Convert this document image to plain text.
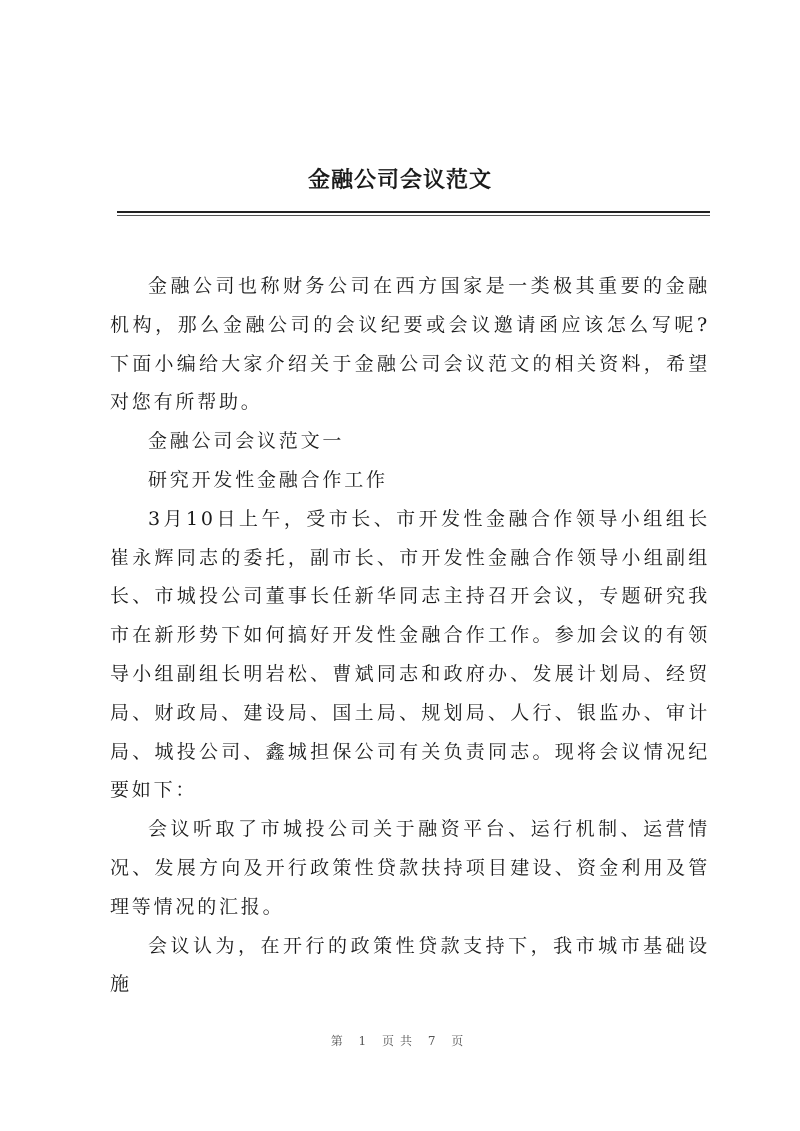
金融公司会议范文

金融公司也称财务公司在西方国家是一类极其重要的金融机构，那么金融公司的会议纪要或会议邀请函应该怎么写呢?下面小编给大家介绍关于金融公司会议范文的相关资料，希望对您有所帮助。

金融公司会议范文一

研究开发性金融合作工作

3月10日上午，受市长、市开发性金融合作领导小组组长崔永辉同志的委托，副市长、市开发性金融合作领导小组副组长、市城投公司董事长任新华同志主持召开会议，专题研究我市在新形势下如何搞好开发性金融合作工作。参加会议的有领导小组副组长明岩松、曹斌同志和政府办、发展计划局、经贸局、财政局、建设局、国土局、规划局、人行、银监办、审计局、城投公司、鑫城担保公司有关负责同志。现将会议情况纪要如下：

会议听取了市城投公司关于融资平台、运行机制、运营情况、发展方向及开行政策性贷款扶持项目建设、资金利用及管理等情况的汇报。

会议认为，在开行的政策性贷款支持下，我市城市基础设施

第 1 页共 7 页
